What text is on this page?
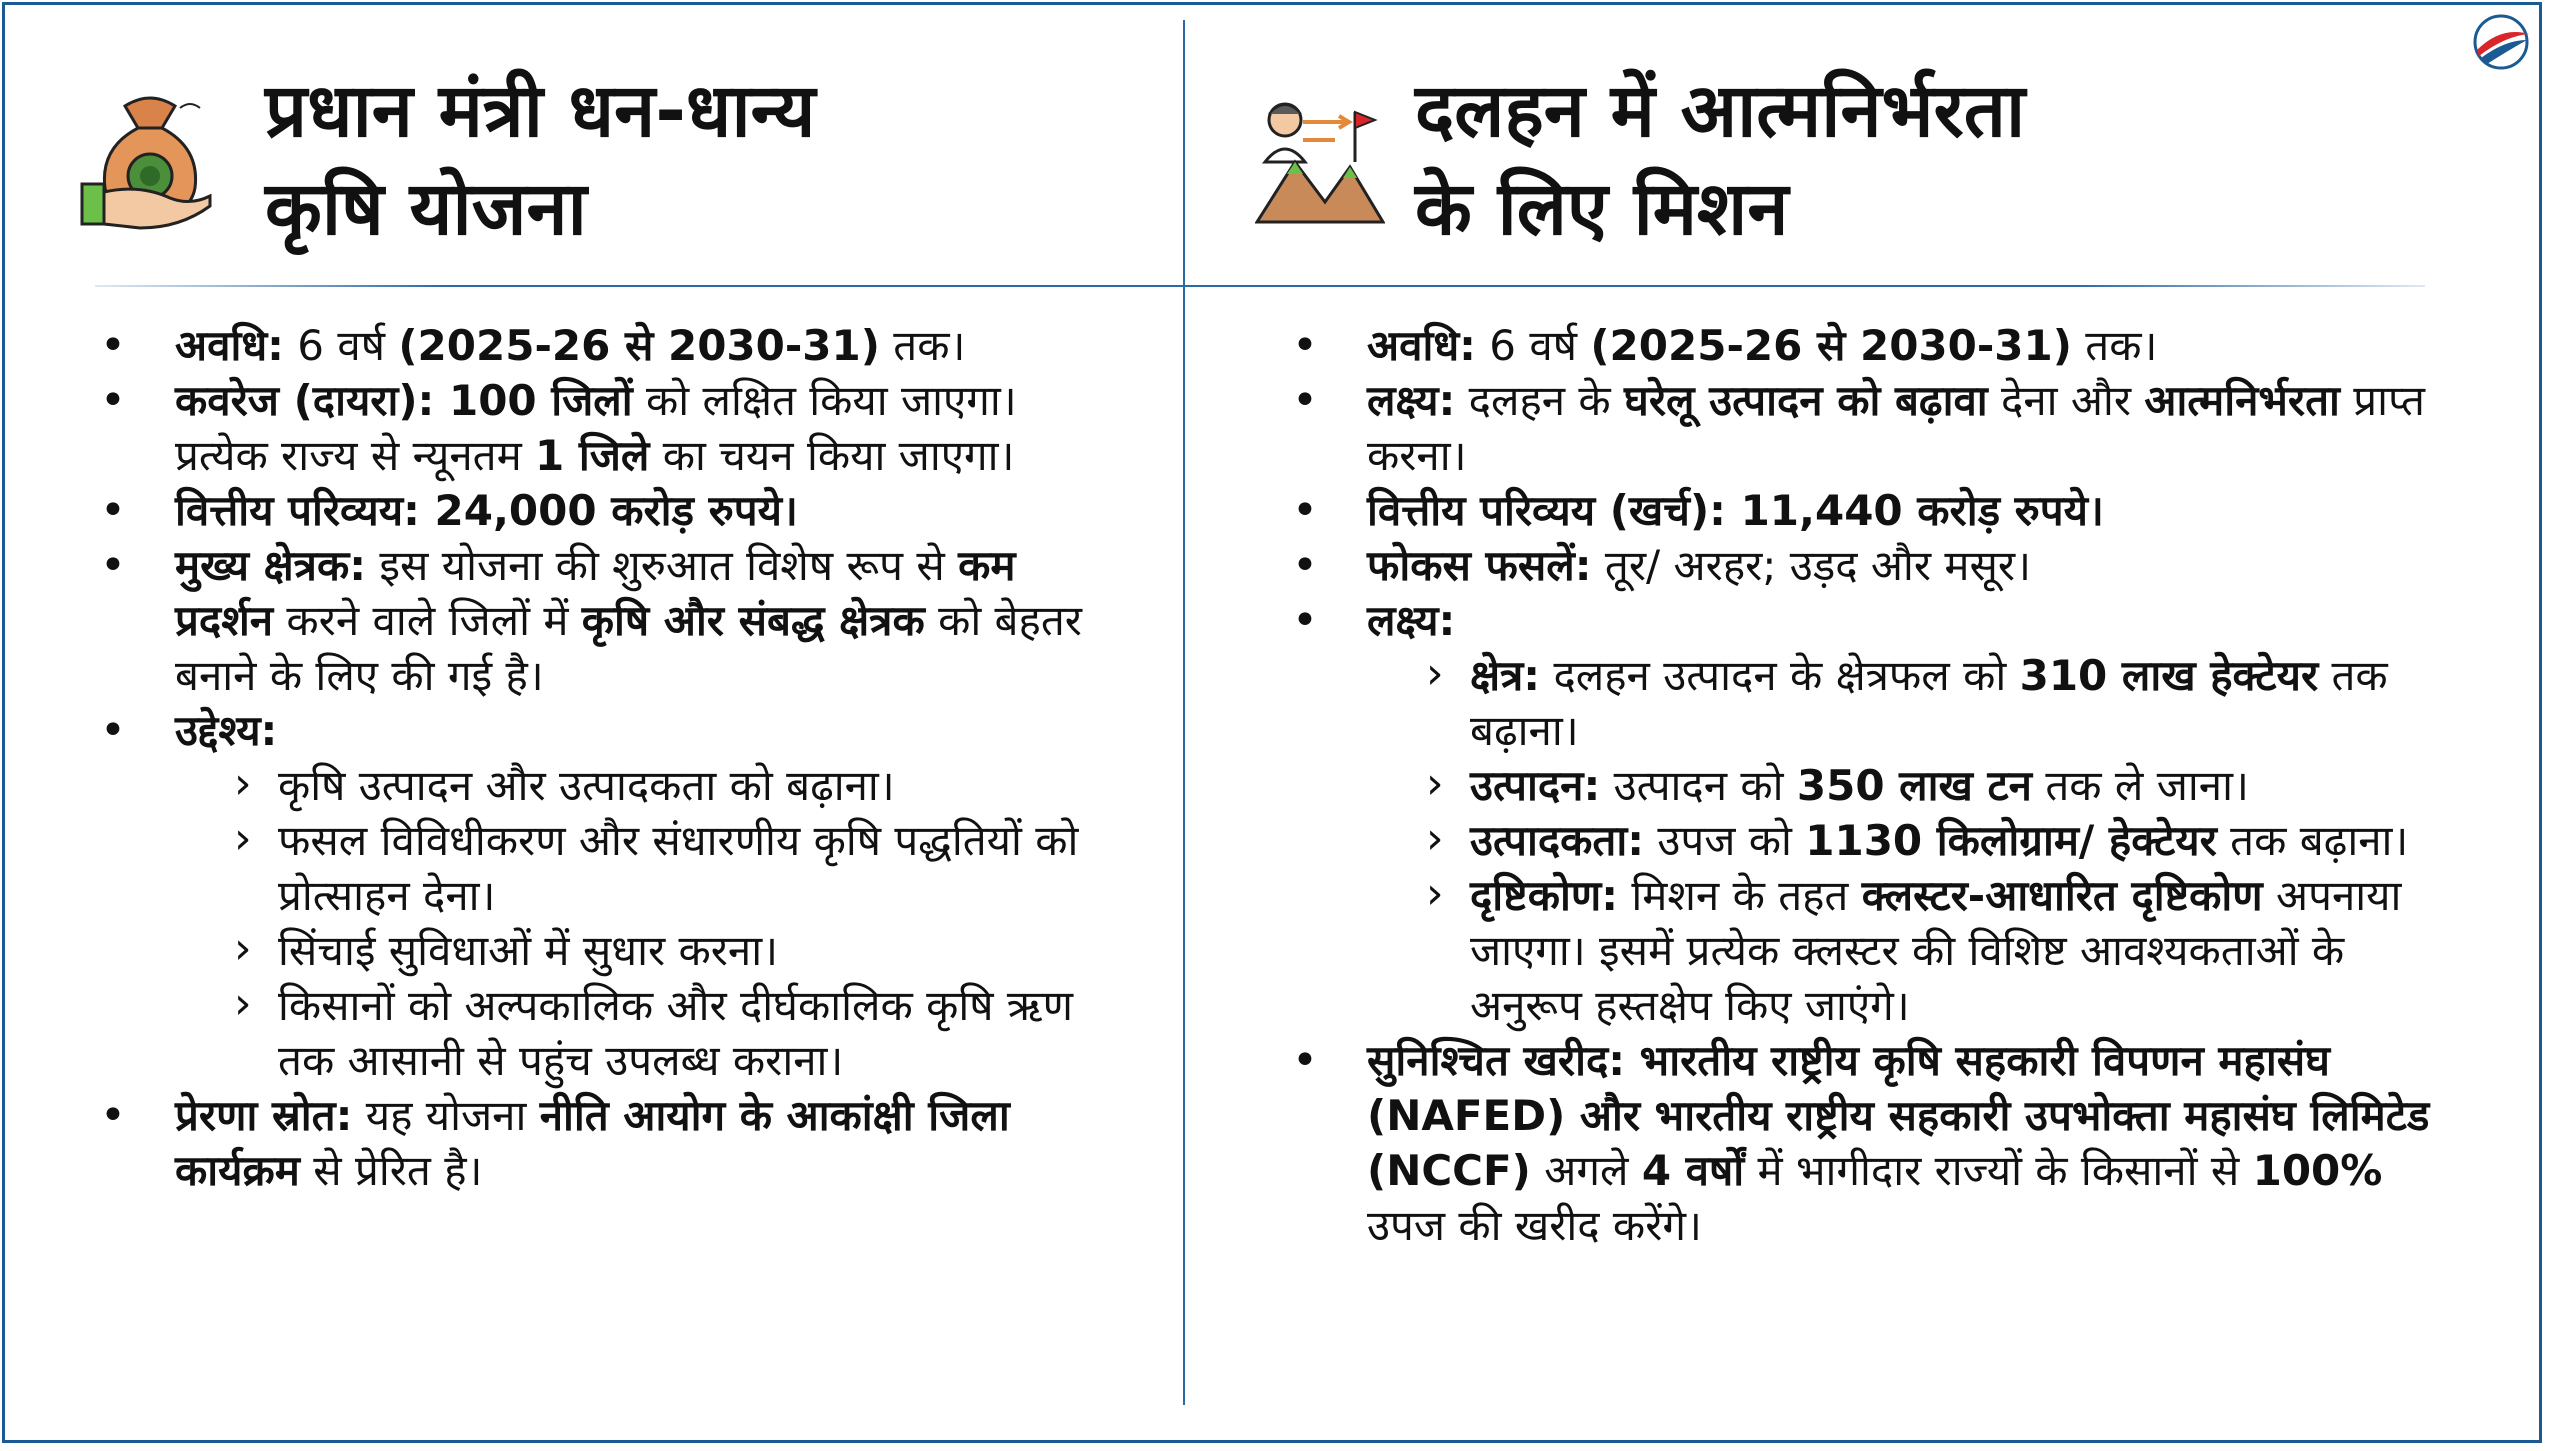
प्रधान मंत्री धन-धान्य
कृषि योजना
• अवधि: 6 वर्ष (2025-26 से 2030-31) तक।
• कवरेज (दायरा): 100 जिलों को लक्षित किया जाएगा। प्रत्येक राज्य से न्यूनतम 1 जिले का चयन किया जाएगा।
• वित्तीय परिव्यय: 24,000 करोड़ रुपये।
• मुख्य क्षेत्रक: इस योजना की शुरुआत विशेष रूप से कम प्रदर्शन करने वाले जिलों में कृषि और संबद्ध क्षेत्रक को बेहतर बनाने के लिए की गई है।
• उद्देश्य:
› कृषि उत्पादन और उत्पादकता को बढ़ाना।
› फसल विविधीकरण और संधारणीय कृषि पद्धतियों को प्रोत्साहन देना।
› सिंचाई सुविधाओं में सुधार करना।
› किसानों को अल्पकालिक और दीर्घकालिक कृषि ऋण तक आसानी से पहुंच उपलब्ध कराना।
• प्रेरणा स्रोत: यह योजना नीति आयोग के आकांक्षी जिला कार्यक्रम से प्रेरित है।
दलहन में आत्मनिर्भरता
के लिए मिशन
• अवधि: 6 वर्ष (2025-26 से 2030-31) तक।
• लक्ष्य: दलहन के घरेलू उत्पादन को बढ़ावा देना और आत्मनिर्भरता प्राप्त करना।
• वित्तीय परिव्यय (खर्च): 11,440 करोड़ रुपये।
• फोकस फसलें: तूर/ अरहर; उड़द और मसूर।
• लक्ष्य:
› क्षेत्र: दलहन उत्पादन के क्षेत्रफल को 310 लाख हेक्टेयर तक बढ़ाना।
› उत्पादन: उत्पादन को 350 लाख टन तक ले जाना।
› उत्पादकता: उपज को 1130 किलोग्राम/ हेक्टेयर तक बढ़ाना।
› दृष्टिकोण: मिशन के तहत क्लस्टर-आधारित दृष्टिकोण अपनाया जाएगा। इसमें प्रत्येक क्लस्टर की विशिष्ट आवश्यकताओं के अनुरूप हस्तक्षेप किए जाएंगे।
• सुनिश्चित खरीद: भारतीय राष्ट्रीय कृषि सहकारी विपणन महासंघ (NAFED) और भारतीय राष्ट्रीय सहकारी उपभोक्ता महासंघ लिमिटेड (NCCF) अगले 4 वर्षों में भागीदार राज्यों के किसानों से 100% उपज की खरीद करेंगे।
